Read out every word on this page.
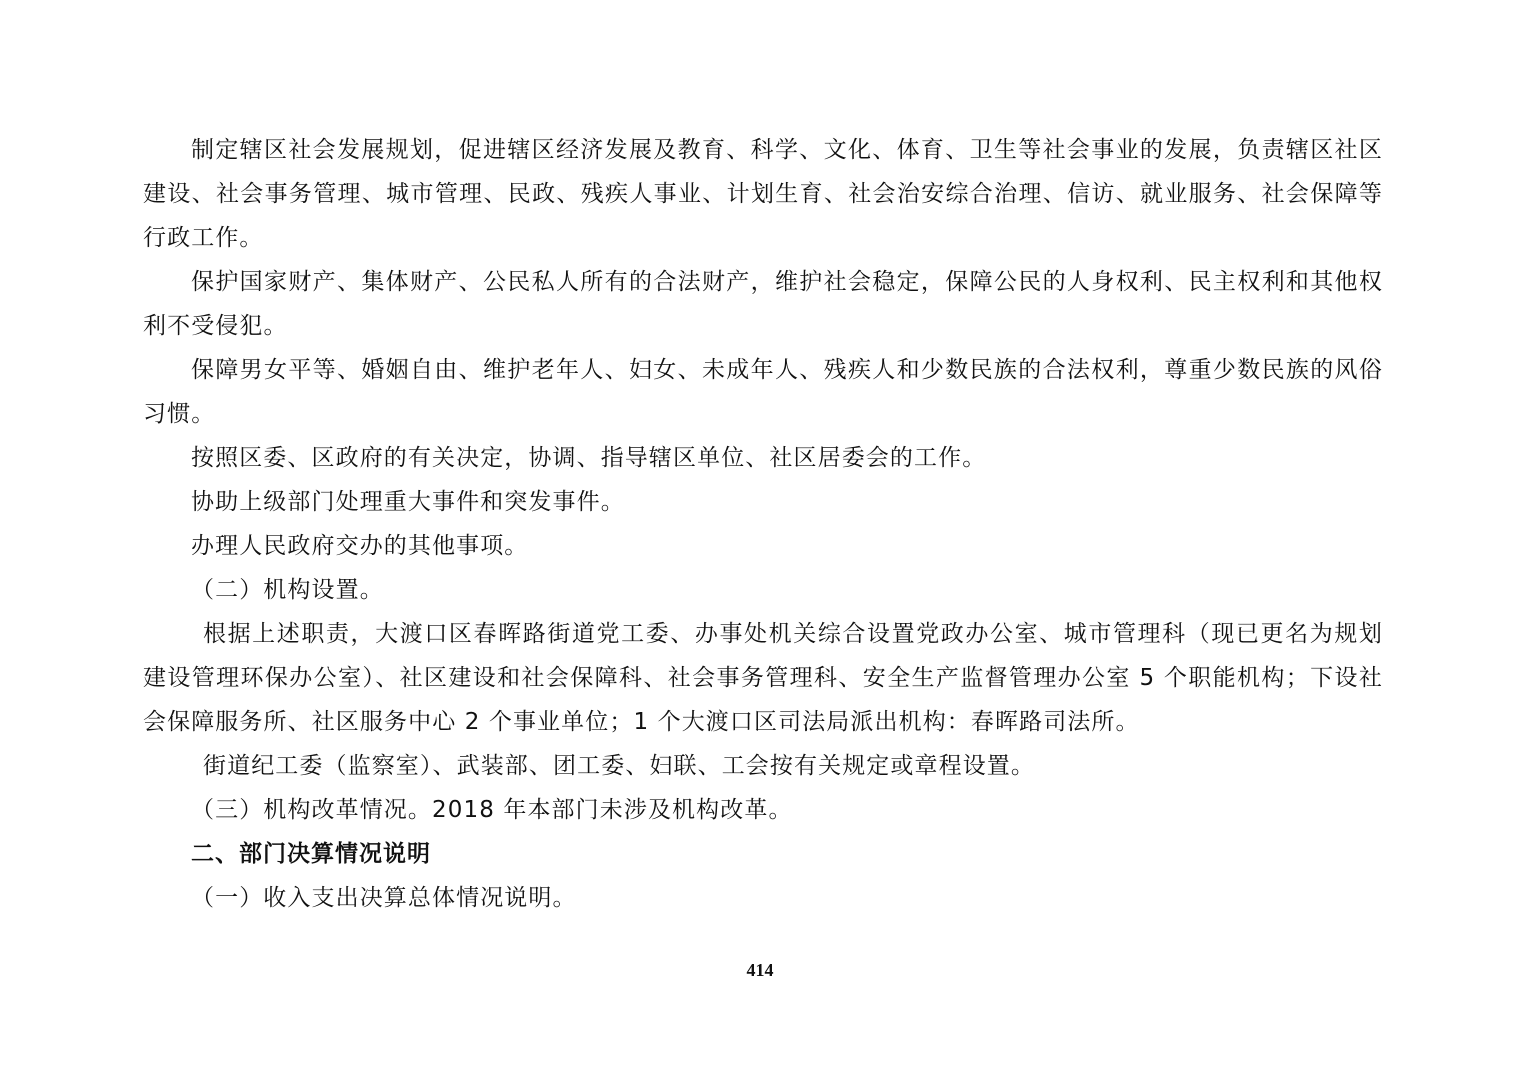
制定辖区社会发展规划，促进辖区经济发展及教育、科学、文化、体育、卫生等社会事业的发展，负责辖区社区建设、社会事务管理、城市管理、民政、残疾人事业、计划生育、社会治安综合治理、信访、就业服务、社会保障等行政工作。

保护国家财产、集体财产、公民私人所有的合法财产，维护社会稳定，保障公民的人身权利、民主权利和其他权利不受侵犯。

保障男女平等、婚姻自由、维护老年人、妇女、未成年人、残疾人和少数民族的合法权利，尊重少数民族的风俗习惯。

按照区委、区政府的有关决定，协调、指导辖区单位、社区居委会的工作。

协助上级部门处理重大事件和突发事件。

办理人民政府交办的其他事项。

（二）机构设置。

根据上述职责，大渡口区春晖路街道党工委、办事处机关综合设置党政办公室、城市管理科（现已更名为规划建设管理环保办公室）、社区建设和社会保障科、社会事务管理科、安全生产监督管理办公室 5 个职能机构；下设社会保障服务所、社区服务中心 2 个事业单位；1 个大渡口区司法局派出机构：春晖路司法所。

街道纪工委（监察室）、武装部、团工委、妇联、工会按有关规定或章程设置。

（三）机构改革情况。2018 年本部门未涉及机构改革。

二、部门决算情况说明

（一）收入支出决算总体情况说明。

414
